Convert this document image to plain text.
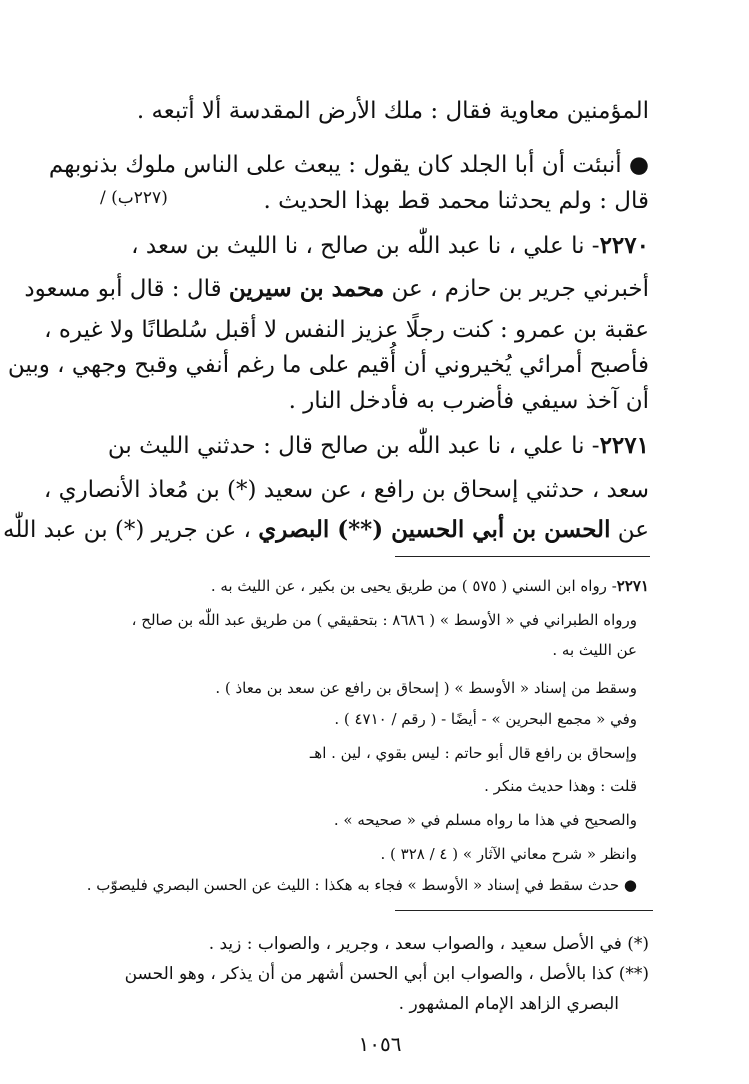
المؤمنين معاوية فقال : ملك الأرض المقدسة ألا أتبعه .
● أنبئت أن أبا الجلد كان يقول : يبعث على الناس ملوك بذنوبهم
(٢٢٧ب) /	قال : ولم يحدثنا محمد قط بهذا الحديث .
٢٢٧٠- نا علي ، نا عبد اللّٰه بن صالح ، نا الليث بن سعد ،
أخبرني جرير بن حازم ، عن محمد بن سيرين قال : قال أبو مسعود
عقبة بن عمرو : كنت رجلًا عزيز النفس لا أقبل سُلطانًا ولا غيره ،
فأصبح أمرائي يُخيروني أن أُقيم على ما رغم أنفي وقبح وجهي ، وبين
أن آخذ سيفي فأضرب به فأدخل النار .
٢٢٧١- نا علي ، نا عبد اللّٰه بن صالح قال : حدثني الليث بن
سعد ، حدثني إسحاق بن رافع ، عن سعيد (*) بن مُعاذ الأنصاري ،
عن الحسن بن أبي الحسين (**) البصري ، عن جرير (*) بن عبد اللّٰه
٢٢٧١- رواه ابن السني ( ٥٧٥ ) من طريق يحيى بن بكير ، عن الليث به .
ورواه الطبراني في « الأوسط » ( ٨٦٨٦ : بتحقيقي ) من طريق عبد اللّٰه بن صالح ،
عن الليث به .
وسقط من إسناد « الأوسط » ( إسحاق بن رافع عن سعد بن معاذ ) .
وفي « مجمع البحرين » - أيضًا - ( رقم / ٤٧١٠ ) .
وإسحاق بن رافع قال أبو حاتم : ليس بقوي ، لين . اهـ
قلت : وهذا حديث منكر .
والصحيح في هذا ما رواه مسلم في « صحيحه » .
وانظر « شرح معاني الآثار » ( ٤ / ٣٢٨ ) .
● حدث سقط في إسناد « الأوسط » فجاء به هكذا : الليث عن الحسن البصري فليصوّب .
(*) في الأصل سعيد ، والصواب سعد ، وجرير ، والصواب : زيد .
(**) كذا بالأصل ، والصواب ابن أبي الحسن أشهر من أن يذكر ، وهو الحسن
البصري الزاهد الإمام المشهور .
١٠٥٦
